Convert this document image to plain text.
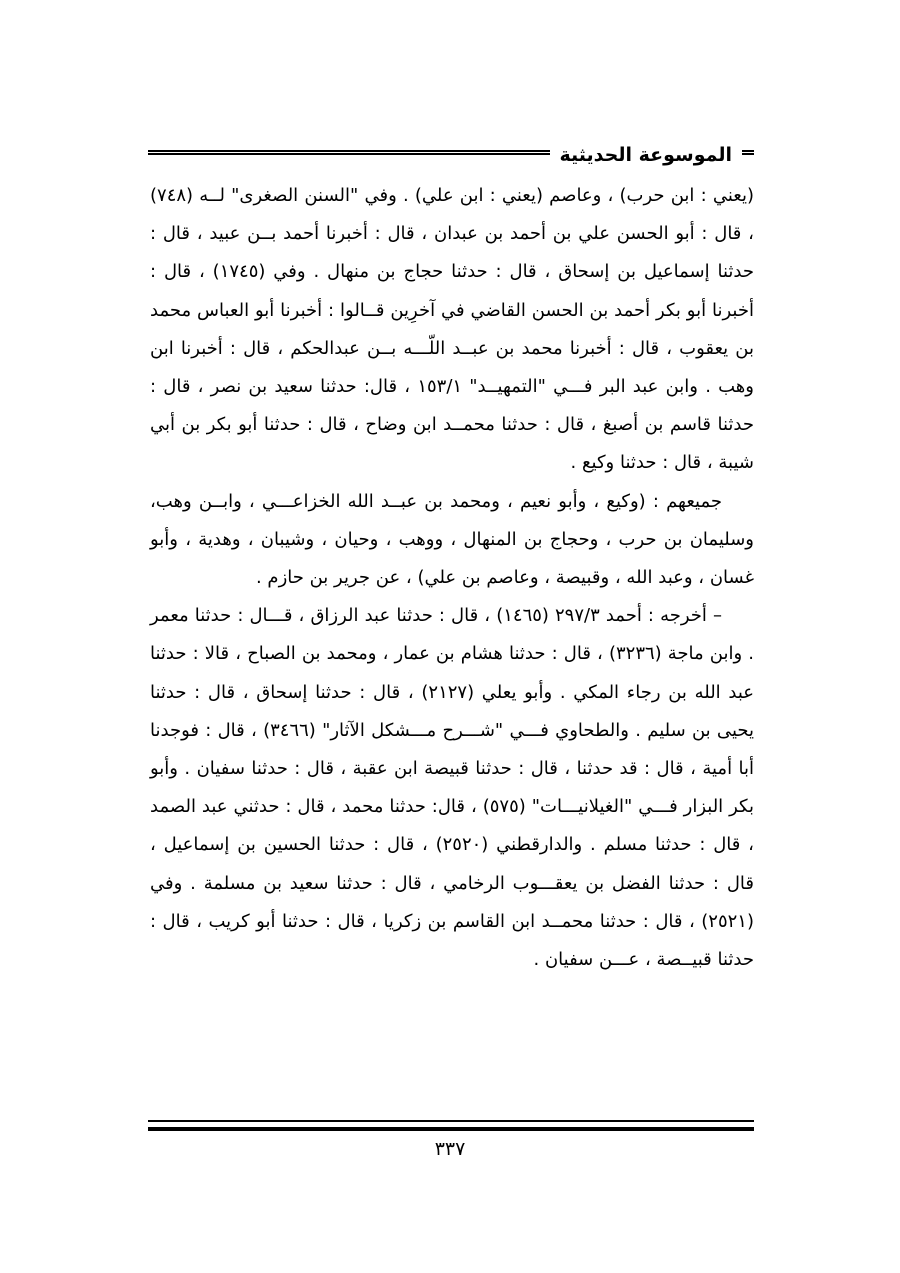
الموسوعة الحديثية

(يعني : ابن حرب) ، وعاصم (يعني : ابن علي) . وفي "السنن الصغرى" لــه (٧٤٨) ، قال : أبو الحسن علي بن أحمد بن عبدان ، قال : أخبرنا أحمد بــن عبيد ، قال : حدثنا إسماعيل بن إسحاق ، قال : حدثنا حجاج بن منهال . وفي (١٧٤٥) ، قال : أخبرنا أبو بكر أحمد بن الحسن القاضي في آخرِين قــالوا : أخبرنا أبو العباس محمد بن يعقوب ، قال : أخبرنا محمد بن عبــد اللّـــه بــن عبدالحكم ، قال : أخبرنا ابن وهب . وابن عبد البر فـــي "التمهيــد" ١٥٣/١ ، قال: حدثنا سعيد بن نصر ، قال : حدثنا قاسم بن أصبغ ، قال : حدثنا محمــد ابن وضاح ، قال : حدثنا أبو بكر بن أبي شيبة ، قال : حدثنا وكيع .

جميعهم : (وكيع ، وأبو نعيم ، ومحمد بن عبــد الله الخزاعـــي ، وابــن وهب، وسليمان بن حرب ، وحجاج بن المنهال ، ووهب ، وحيان ، وشيبان ، وهدية ، وأبو غسان ، وعبد الله ، وقبيصة ، وعاصم بن علي) ، عن جرير بن حازم .

– أخرجه : أحمد ٢٩٧/٣ (١٤٦٥) ، قال : حدثنا عبد الرزاق ، قـــال : حدثنا معمر . وابن ماجة (٣٢٣٦) ، قال : حدثنا هشام بن عمار ، ومحمد بن الصباح ، قالا : حدثنا عبد الله بن رجاء المكي . وأبو يعلي (٢١٢٧) ، قال : حدثنا إسحاق ، قال : حدثنا يحيى بن سليم . والطحاوي فـــي "شـــرح مـــشكل الآثار" (٣٤٦٦) ، قال : فوجدنا أبا أمية ، قال : قد حدثنا ، قال : حدثنا قبيصة ابن عقبة ، قال : حدثنا سفيان . وأبو بكر البزار فـــي "الغيلانيـــات" (٥٧٥) ، قال: حدثنا محمد ، قال : حدثني عبد الصمد ، قال : حدثنا مسلم . والدارقطني (٢٥٢٠) ، قال : حدثنا الحسين بن إسماعيل ، قال : حدثنا الفضل بن يعقـــوب الرخامي ، قال : حدثنا سعيد بن مسلمة . وفي (٢٥٢١) ، قال : حدثنا محمــد ابن القاسم بن زكريا ، قال : حدثنا أبو كريب ، قال : حدثنا قبيــصة ، عـــن سفيان .

٣٣٧
